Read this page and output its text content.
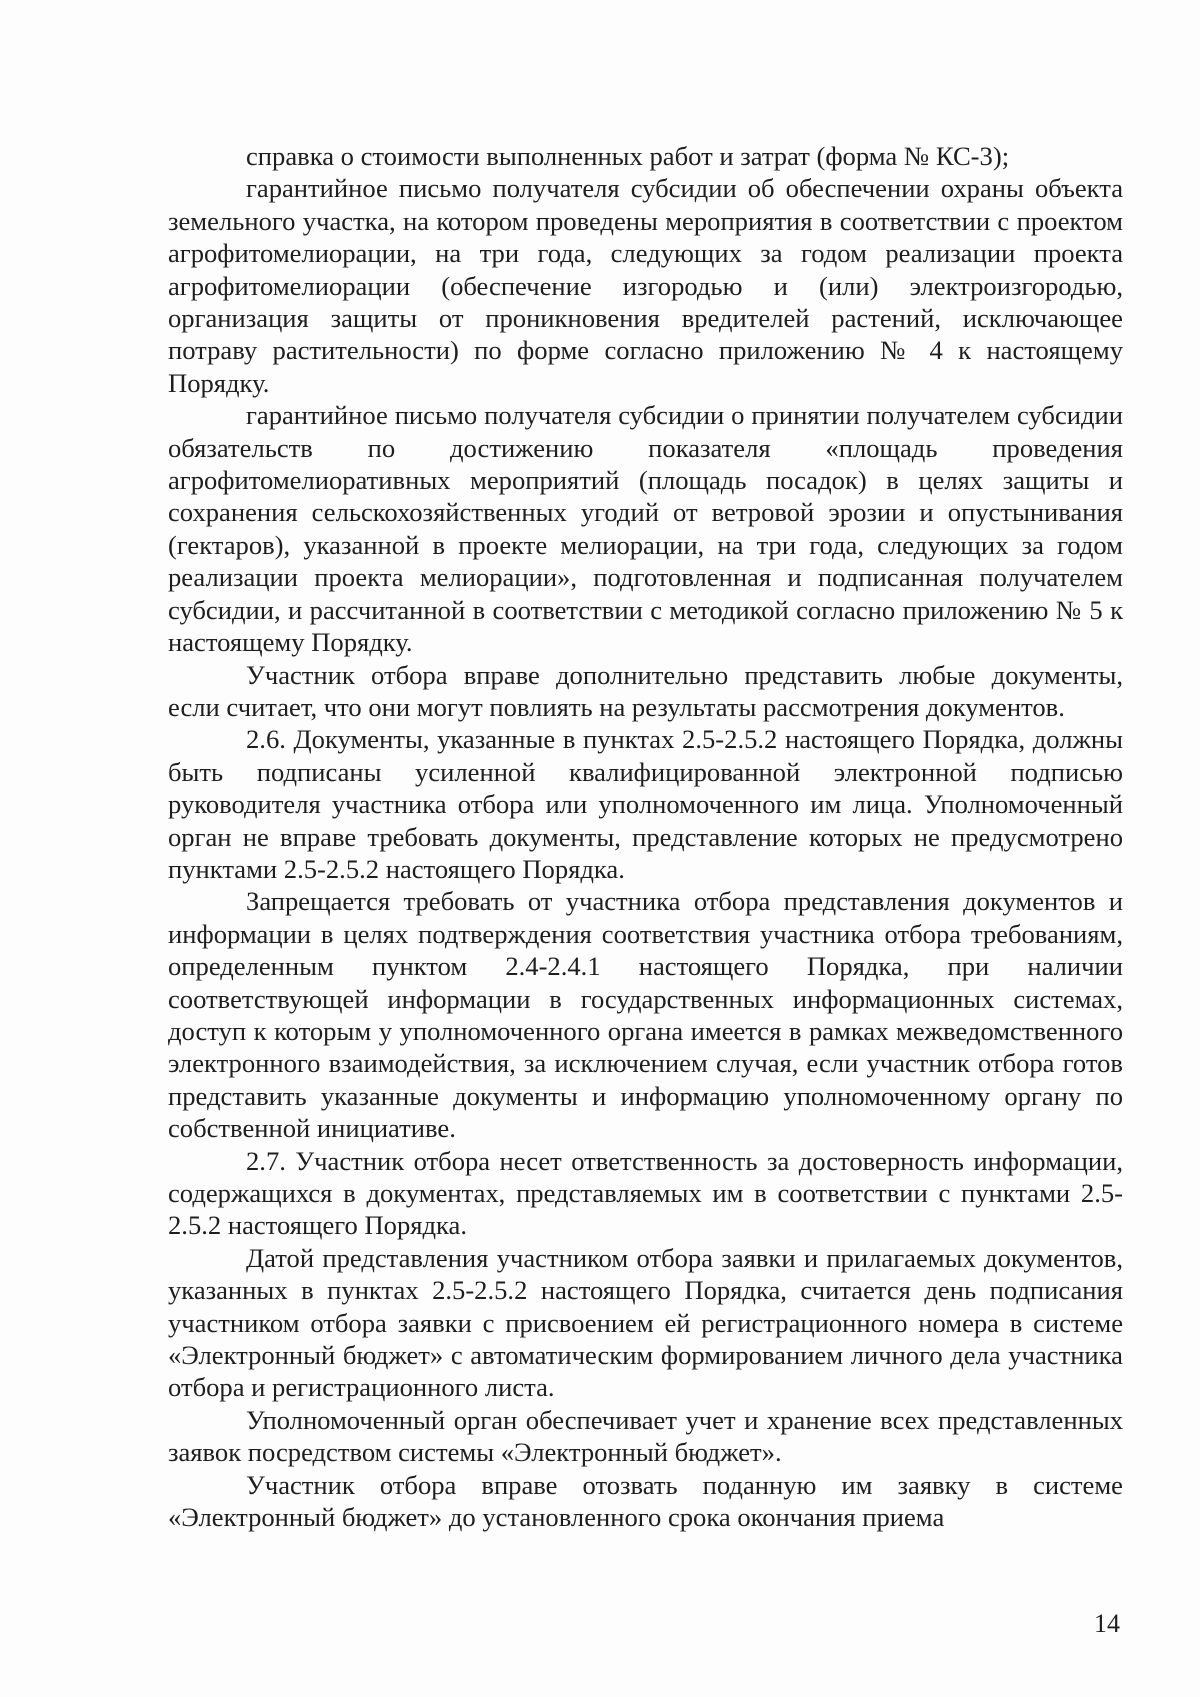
справка о стоимости выполненных работ и затрат (форма № КС-3);

гарантийное письмо получателя субсидии об обеспечении охраны объекта земельного участка, на котором проведены мероприятия в соответствии с проектом агрофитомелиорации, на три года, следующих за годом реализации проекта агрофитомелиорации (обеспечение изгородью и (или) электроизгородью, организация защиты от проникновения вредителей растений, исключающее потраву растительности) по форме согласно приложению № 4 к настоящему Порядку.

гарантийное письмо получателя субсидии о принятии получателем субсидии обязательств по достижению показателя «площадь проведения агрофитомелиоративных мероприятий (площадь посадок) в целях защиты и сохранения сельскохозяйственных угодий от ветровой эрозии и опустынивания (гектаров), указанной в проекте мелиорации, на три года, следующих за годом реализации проекта мелиорации», подготовленная и подписанная получателем субсидии, и рассчитанной в соответствии с методикой согласно приложению № 5 к настоящему Порядку.

Участник отбора вправе дополнительно представить любые документы, если считает, что они могут повлиять на результаты рассмотрения документов.

2.6. Документы, указанные в пунктах 2.5-2.5.2 настоящего Порядка, должны быть подписаны усиленной квалифицированной электронной подписью руководителя участника отбора или уполномоченного им лица. Уполномоченный орган не вправе требовать документы, представление которых не предусмотрено пунктами 2.5-2.5.2 настоящего Порядка.

Запрещается требовать от участника отбора представления документов и информации в целях подтверждения соответствия участника отбора требованиям, определенным пунктом 2.4-2.4.1 настоящего Порядка, при наличии соответствующей информации в государственных информационных системах, доступ к которым у уполномоченного органа имеется в рамках межведомственного электронного взаимодействия, за исключением случая, если участник отбора готов представить указанные документы и информацию уполномоченному органу по собственной инициативе.

2.7. Участник отбора несет ответственность за достоверность информации, содержащихся в документах, представляемых им в соответствии с пунктами 2.5-2.5.2 настоящего Порядка.

Датой представления участником отбора заявки и прилагаемых документов, указанных в пунктах 2.5-2.5.2 настоящего Порядка, считается день подписания участником отбора заявки с присвоением ей регистрационного номера в системе «Электронный бюджет» с автоматическим формированием личного дела участника отбора и регистрационного листа.

Уполномоченный орган обеспечивает учет и хранение всех представленных заявок посредством системы «Электронный бюджет».

Участник отбора вправе отозвать поданную им заявку в системе «Электронный бюджет» до установленного срока окончания приема

14
